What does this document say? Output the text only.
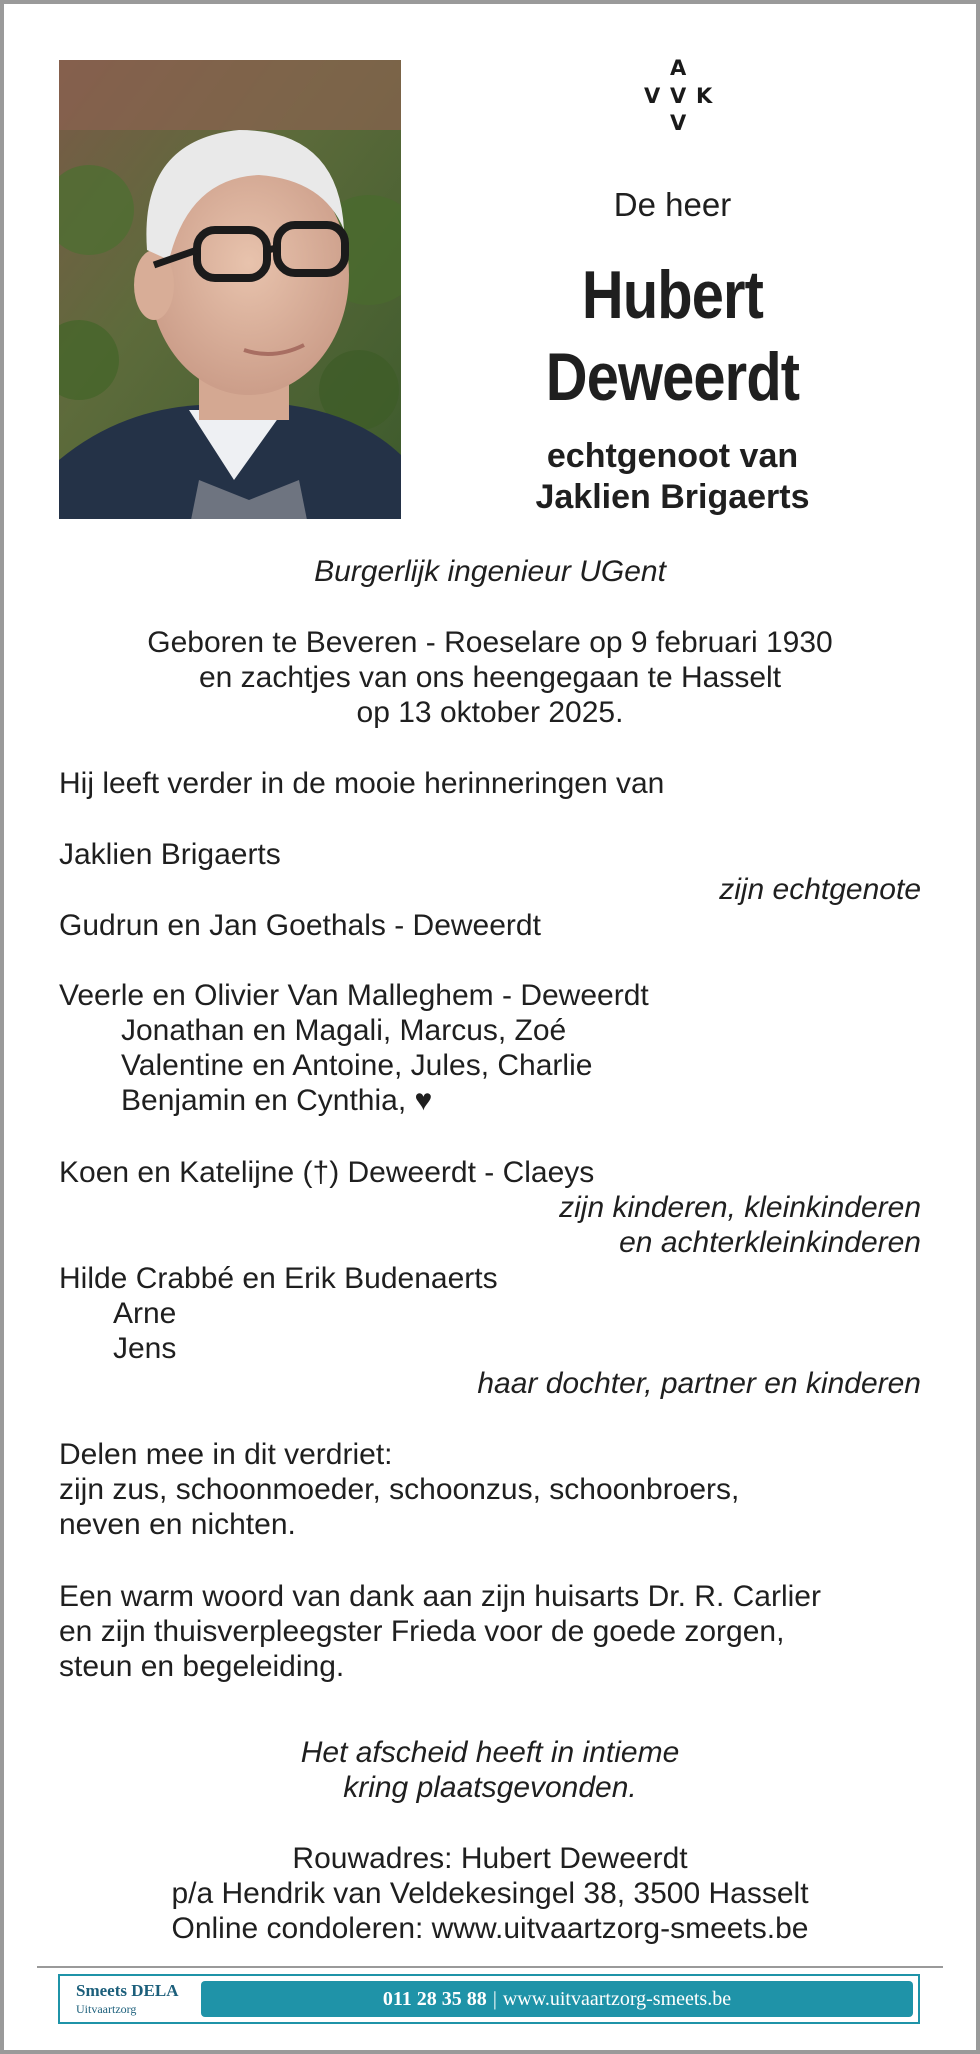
A
V V K
V
De heer
Hubert
Deweerdt
echtgenoot van
Jaklien Brigaerts
Burgerlijk ingenieur UGent
Geboren te Beveren - Roeselare op 9 februari 1930
en zachtjes van ons heengegaan te Hasselt
op 13 oktober 2025.
Hij leeft verder in de mooie herinneringen van
Jaklien Brigaerts
zijn echtgenote
Gudrun en Jan Goethals - Deweerdt
Veerle en Olivier Van Malleghem - Deweerdt
Jonathan en Magali, Marcus, Zoé
Valentine en Antoine, Jules, Charlie
Benjamin en Cynthia, ♥
Koen en Katelijne (†) Deweerdt - Claeys
zijn kinderen, kleinkinderen
en achterkleinkinderen
Hilde Crabbé en Erik Budenaerts
Arne
Jens
haar dochter, partner en kinderen
Delen mee in dit verdriet:
zijn zus, schoonmoeder, schoonzus, schoonbroers,
neven en nichten.
Een warm woord van dank aan zijn huisarts Dr. R. Carlier
en zijn thuisverpleegster Frieda voor de goede zorgen,
steun en begeleiding.
Het afscheid heeft in intieme
kring plaatsgevonden.
Rouwadres: Hubert Deweerdt
p/a Hendrik van Veldekesingel 38, 3500 Hasselt
Online condoleren: www.uitvaartzorg-smeets.be
Smeets DELA
Uitvaartzorg	011 28 35 88 | www.uitvaartzorg-smeets.be
